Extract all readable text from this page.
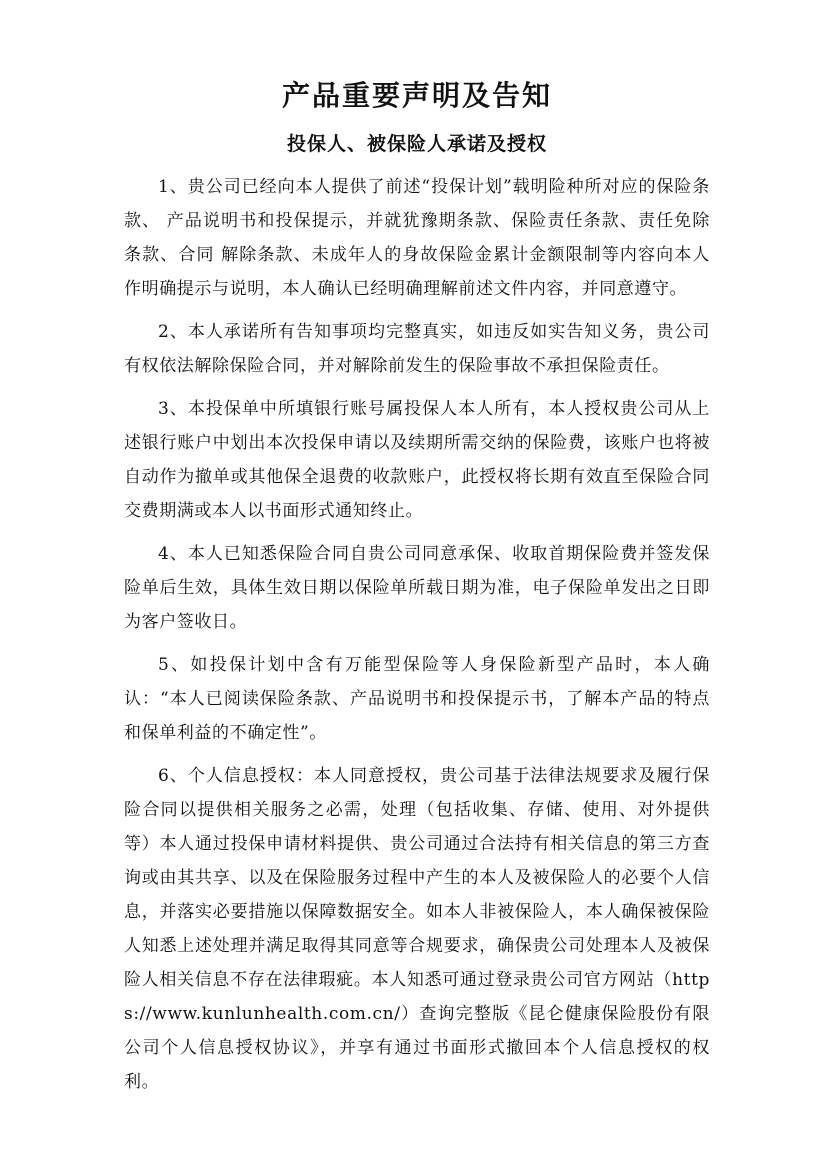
产品重要声明及告知
投保人、被保险人承诺及授权

1、贵公司已经向本人提供了前述“投保计划”载明险种所对应的保险条款、 产品说明书和投保提示，并就犹豫期条款、保险责任条款、责任免除条款、合同 解除条款、未成年人的身故保险金累计金额限制等内容向本人作明确提示与说明，本人确认已经明确理解前述文件内容，并同意遵守。

2、本人承诺所有告知事项均完整真实，如违反如实告知义务，贵公司有权依法解除保险合同，并对解除前发生的保险事故不承担保险责任。

3、本投保单中所填银行账号属投保人本人所有，本人授权贵公司从上述银行账户中划出本次投保申请以及续期所需交纳的保险费，该账户也将被自动作为撤单或其他保全退费的收款账户，此授权将长期有效直至保险合同交费期满或本人以书面形式通知终止。

4、本人已知悉保险合同自贵公司同意承保、收取首期保险费并签发保险单后生效，具体生效日期以保险单所载日期为准，电子保险单发出之日即为客户签收日。

5、如投保计划中含有万能型保险等人身保险新型产品时，本人确认：“本人已阅读保险条款、产品说明书和投保提示书，了解本产品的特点和保单利益的不确定性”。

6、个人信息授权：本人同意授权，贵公司基于法律法规要求及履行保险合同以提供相关服务之必需，处理（包括收集、存储、使用、对外提供等）本人通过投保申请材料提供、贵公司通过合法持有相关信息的第三方查询或由其共享、以及在保险服务过程中产生的本人及被保险人的必要个人信息，并落实必要措施以保障数据安全。如本人非被保险人，本人确保被保险人知悉上述处理并满足取得其同意等合规要求，确保贵公司处理本人及被保险人相关信息不存在法律瑕疵。本人知悉可通过登录贵公司官方网站（https://www.kunlunhealth.com.cn/）查询完整版《昆仑健康保险股份有限公司个人信息授权协议》，并享有通过书面形式撤回本个人信息授权的权利。
